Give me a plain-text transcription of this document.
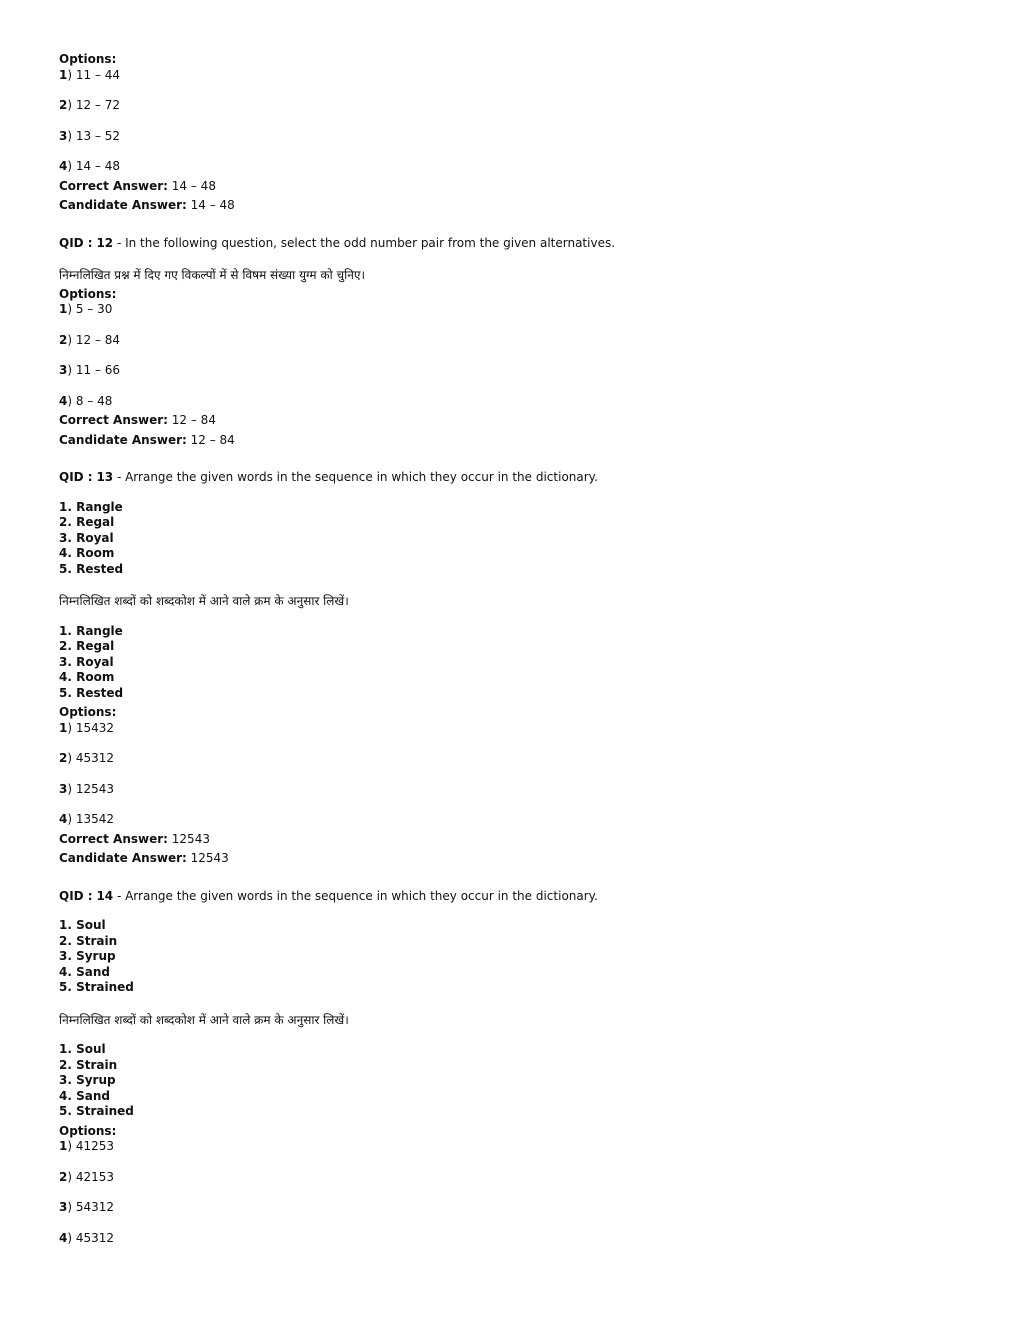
Options:
1) 11 – 44
2) 12 – 72
3) 13 – 52
4) 14 – 48
Correct Answer: 14 – 48
Candidate Answer: 14 – 48
QID : 12 - In the following question, select the odd number pair from the given alternatives.
निम्नलिखित प्रश्न में दिए गए विकल्पों में से विषम संख्या युग्म को चुनिए।
Options:
1) 5 – 30
2) 12 – 84
3) 11 – 66
4) 8 – 48
Correct Answer: 12 – 84
Candidate Answer: 12 – 84
QID : 13 - Arrange the given words in the sequence in which they occur in the dictionary.
1. Rangle
2. Regal
3. Royal
4. Room
5. Rested
निम्नलिखित शब्दों को शब्दकोश में आने वाले क्रम के अनुसार लिखें।
1. Rangle
2. Regal
3. Royal
4. Room
5. Rested
Options:
1) 15432
2) 45312
3) 12543
4) 13542
Correct Answer: 12543
Candidate Answer: 12543
QID : 14 - Arrange the given words in the sequence in which they occur in the dictionary.
1. Soul
2. Strain
3. Syrup
4. Sand
5. Strained
निम्नलिखित शब्दों को शब्दकोश में आने वाले क्रम के अनुसार लिखें।
1. Soul
2. Strain
3. Syrup
4. Sand
5. Strained
Options:
1) 41253
2) 42153
3) 54312
4) 45312
